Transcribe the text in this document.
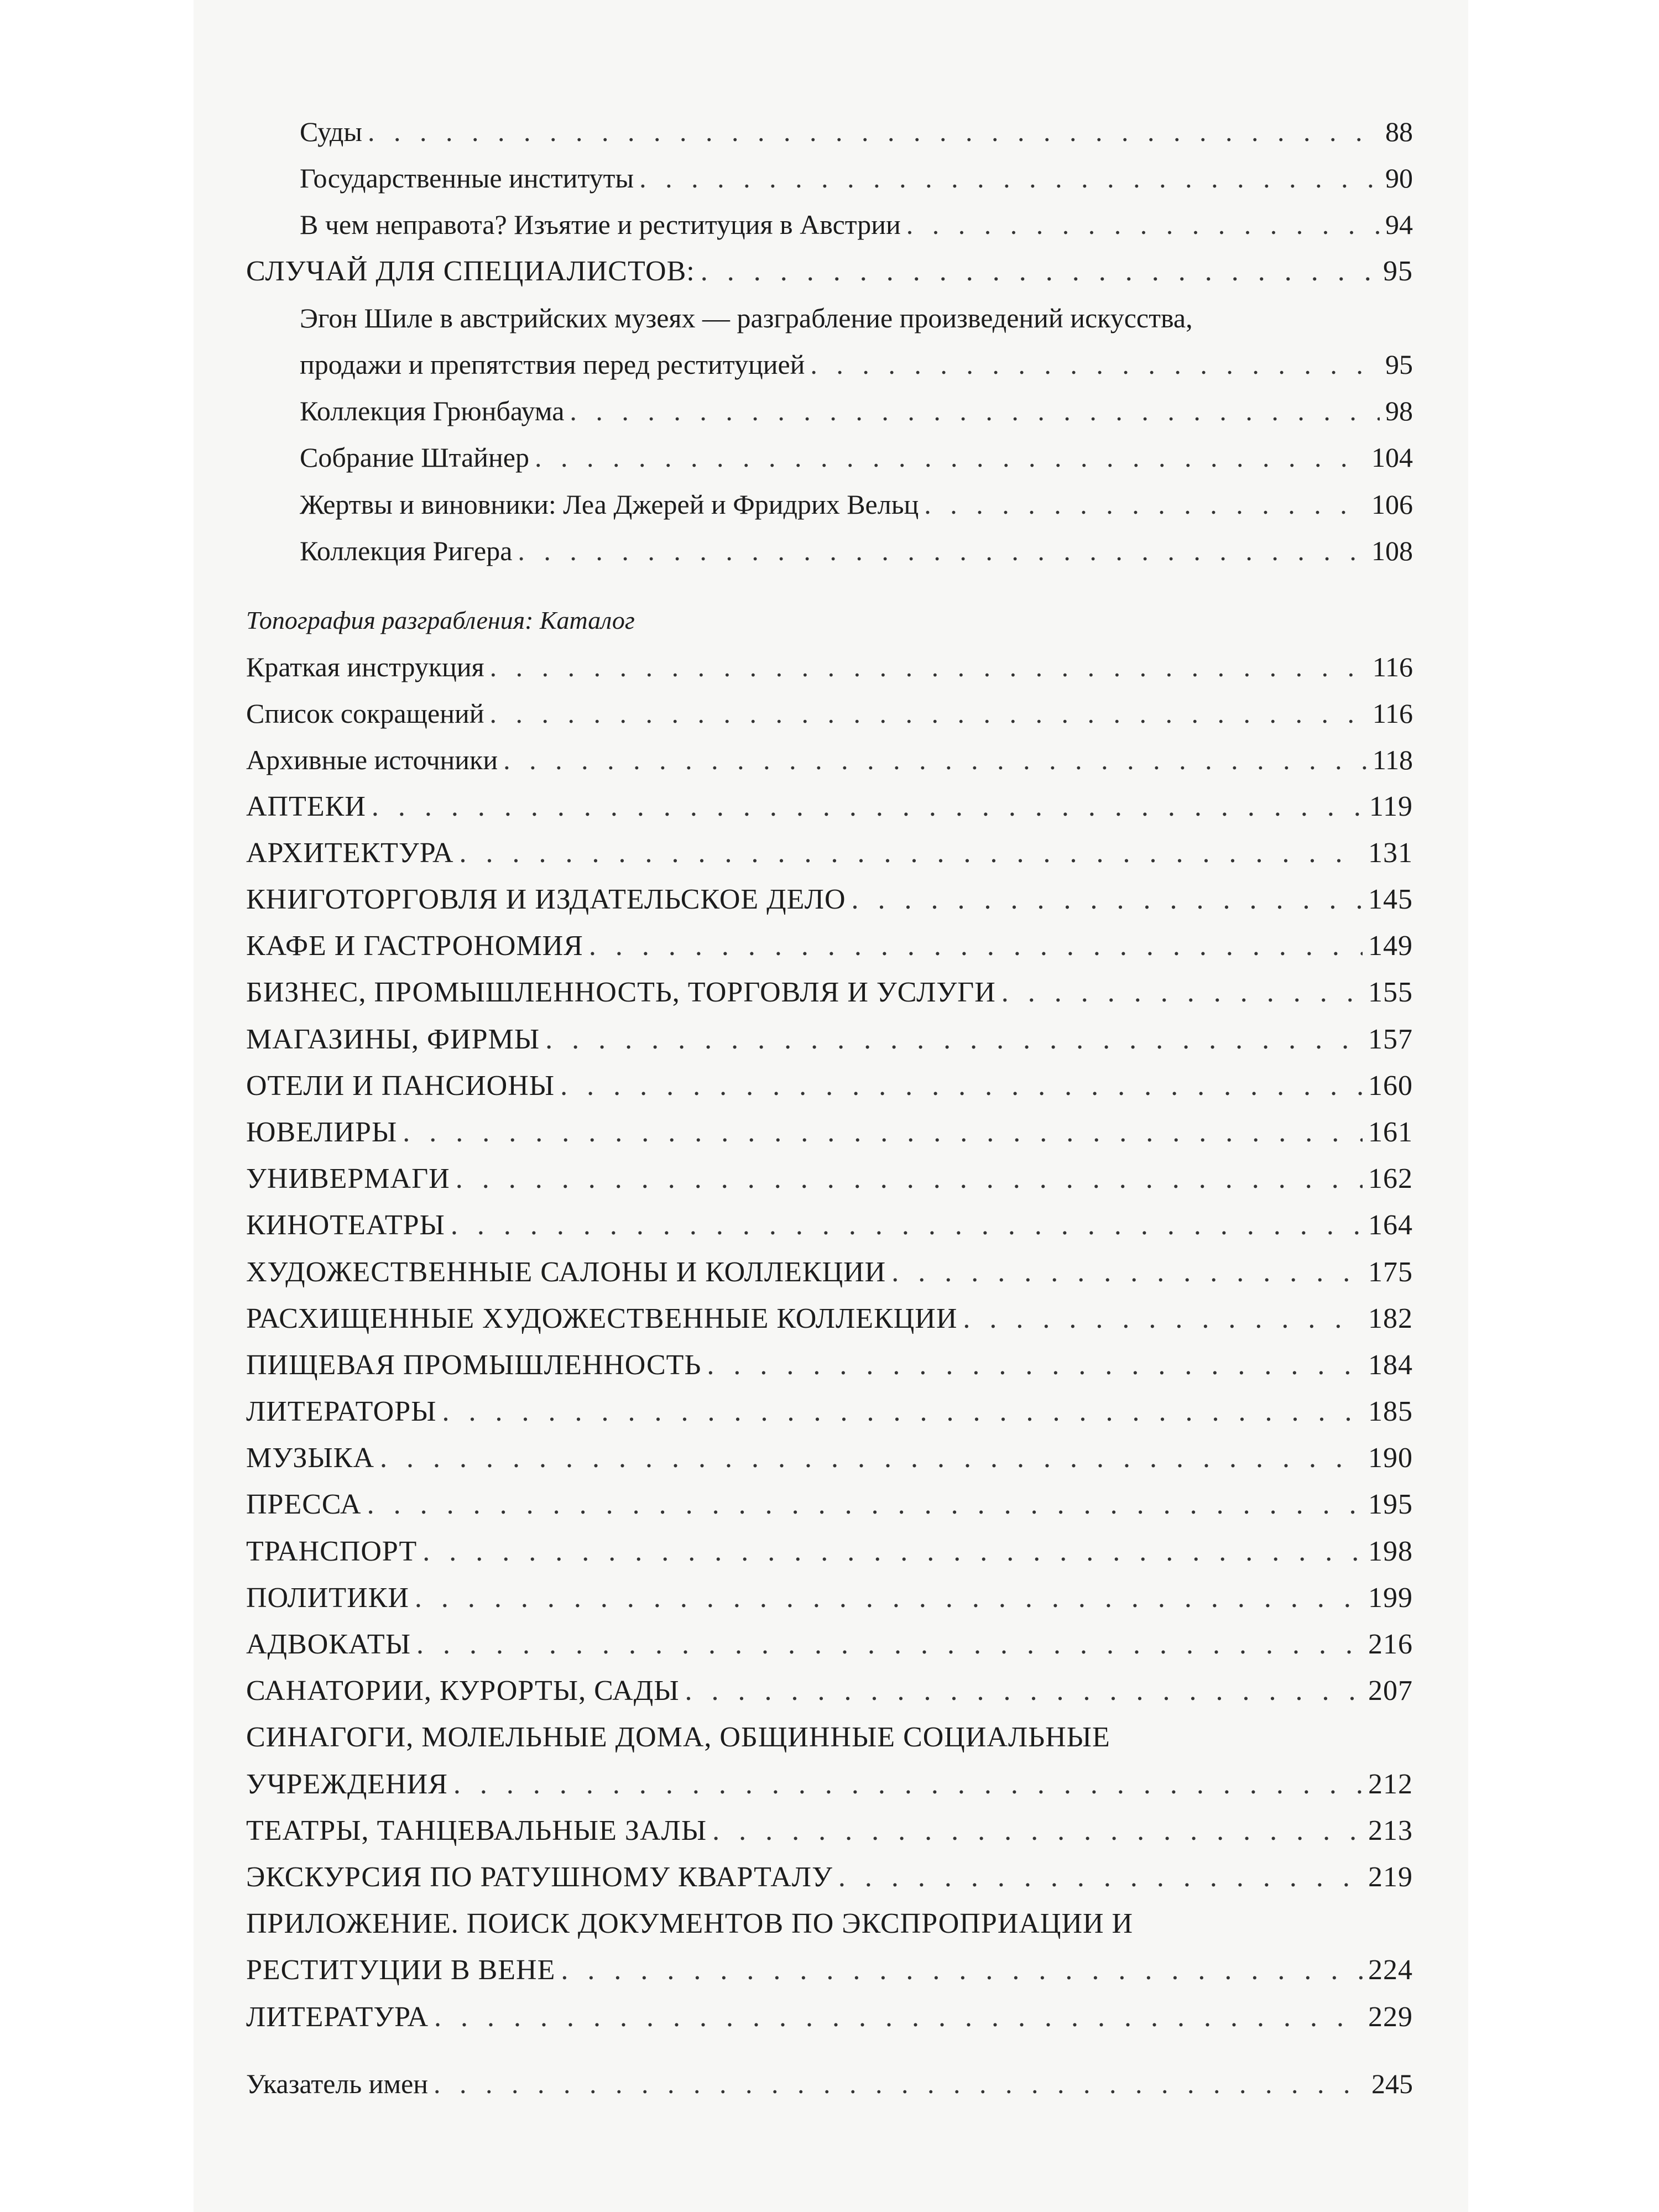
Суды . . .	88
Государственные институты . . .	90
В чем неправота? Изъятие и реституция в Австрии . . .	94
СЛУЧАЙ ДЛЯ СПЕЦИАЛИСТОВ: . . .	95
Эгон Шиле в австрийских музеях — разграбление произведений искусства,
продажи и препятствия перед реституцией . . .	95
Коллекция Грюнбаума . . .	98
Собрание Штайнер . . .	104
Жертвы и виновники: Леа Джерей и Фридрих Вельц . . .	106
Коллекция Ригера . . .	108
Топография разграбления: Каталог
Краткая инструкция . . .	116
Список сокращений . . .	116
Архивные источники . . .	118
АПТЕКИ . . .	119
АРХИТЕКТУРА . . .	131
КНИГОТОРГОВЛЯ И ИЗДАТЕЛЬСКОЕ ДЕЛО . . .	145
КАФЕ И ГАСТРОНОМИЯ . . .	149
БИЗНЕС, ПРОМЫШЛЕННОСТЬ, ТОРГОВЛЯ И УСЛУГИ . . .	155
МАГАЗИНЫ, ФИРМЫ . . .	157
ОТЕЛИ И ПАНСИОНЫ . . .	160
ЮВЕЛИРЫ . . .	161
УНИВЕРМАГИ . . .	162
КИНОТЕАТРЫ . . .	164
ХУДОЖЕСТВЕННЫЕ САЛОНЫ И КОЛЛЕКЦИИ . . .	175
РАСХИЩЕННЫЕ ХУДОЖЕСТВЕННЫЕ КОЛЛЕКЦИИ . . .	182
ПИЩЕВАЯ ПРОМЫШЛЕННОСТЬ . . .	184
ЛИТЕРАТОРЫ . . .	185
МУЗЫКА . . .	190
ПРЕССА . . .	195
ТРАНСПОРТ . . .	198
ПОЛИТИКИ . . .	199
АДВОКАТЫ . . .	216
САНАТОРИИ, КУРОРТЫ, САДЫ . . .	207
СИНАГОГИ, МОЛЕЛЬНЫЕ ДОМА, ОБЩИННЫЕ СОЦИАЛЬНЫЕ
УЧРЕЖДЕНИЯ . . .	212
ТЕАТРЫ, ТАНЦЕВАЛЬНЫЕ ЗАЛЫ . . .	213
ЭКСКУРСИЯ ПО РАТУШНОМУ КВАРТАЛУ . . .	219
ПРИЛОЖЕНИЕ. ПОИСК ДОКУМЕНТОВ ПО ЭКСПРОПРИАЦИИ И
РЕСТИТУЦИИ В ВЕНЕ . . .	224
ЛИТЕРАТУРА . . .	229
Указатель имен . . .	245
